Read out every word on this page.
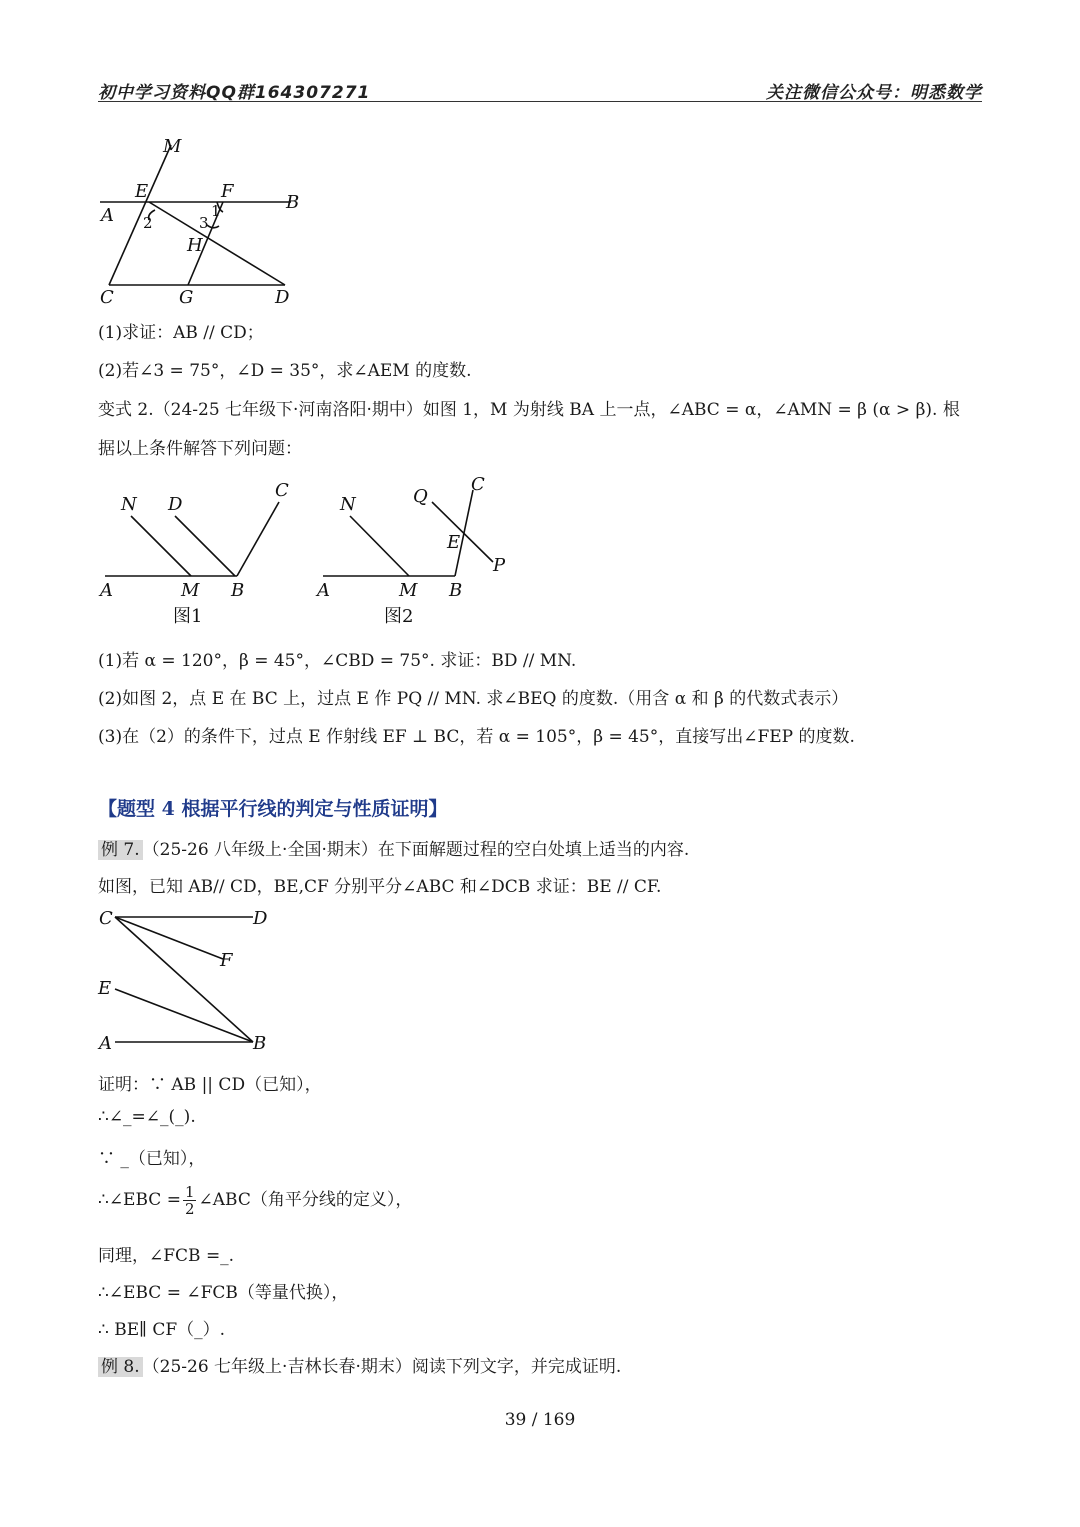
初中学习资料QQ群164307271	关注微信公众号：明悉数学
M
E	F
A
B
1
2	3
H
C	G	D
(1)求证：AB // CD；
(2)若∠3 = 75°，∠D = 35°，求∠AEM 的度数.
变式 2.（24-25 七年级下·河南洛阳·期中）如图 1，M 为射线 BA 上一点，∠ABC = α，∠AMN = β (α > β). 根
据以上条件解答下列问题：
N D
C
A	M B
图1
N	Q
C
E
P
A	M B
图2
(1)若 α = 120°，β = 45°，∠CBD = 75°. 求证：BD // MN.
(2)如图 2，点 E 在 BC 上，过点 E 作 PQ // MN. 求∠BEQ 的度数.（用含 α 和 β 的代数式表示）
(3)在（2）的条件下，过点 E 作射线 EF ⊥ BC，若 α = 105°，β = 45°，直接写出∠FEP 的度数.
【题型 4 根据平行线的判定与性质证明】
例 7. （25-26 八年级上·全国·期末）在下面解题过程的空白处填上适当的内容.
如图，已知 AB// CD，BE,CF 分别平分∠ABC 和∠DCB 求证：BE // CF.
C	D
F
E
A	B
证明：∵ AB || CD（已知），
∴∠_=∠_(_).
∵ _（已知），
∴∠EBC = $\frac{1}{2}$ ∠ABC（角平分线的定义），
同理，∠FCB =_.
∴∠EBC = ∠FCB（等量代换），
∴ BE∥ CF（_）.
例 8. （25-26 七年级上·吉林长春·期末）阅读下列文字，并完成证明.
39 / 169
